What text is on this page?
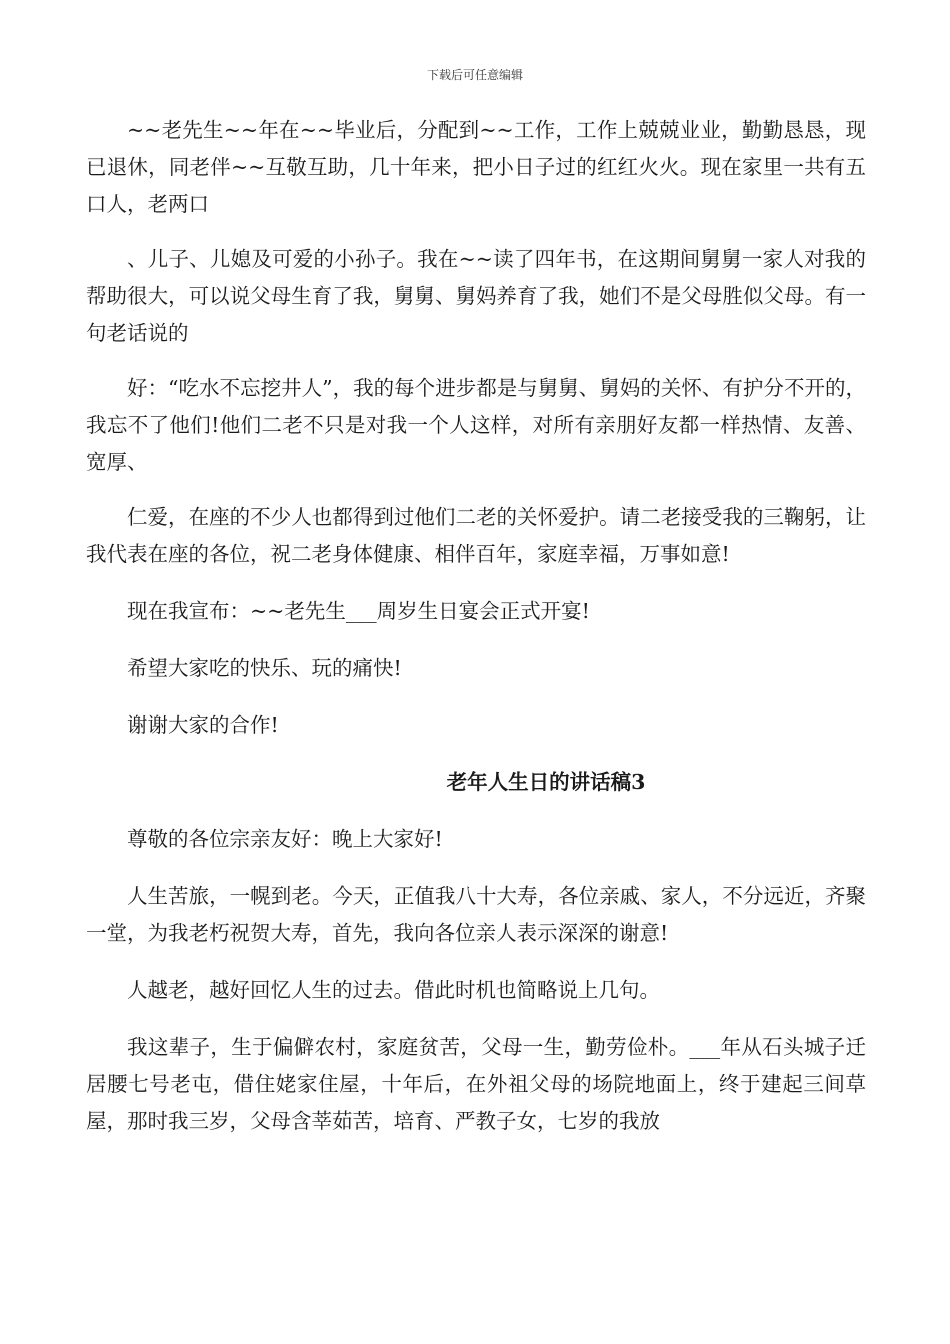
下载后可任意编辑

~~老先生~~年在~~毕业后，分配到~~工作，工作上兢兢业业，勤勤恳恳，现已退休，同老伴~~互敬互助，几十年来，把小日子过的红红火火。现在家里一共有五口人，老两口

、儿子、儿媳及可爱的小孙子。我在~~读了四年书，在这期间舅舅一家人对我的帮助很大，可以说父母生育了我，舅舅、舅妈养育了我，她们不是父母胜似父母。有一句老话说的

好：“吃水不忘挖井人”，我的每个进步都是与舅舅、舅妈的关怀、有护分不开的，我忘不了他们!他们二老不只是对我一个人这样，对所有亲朋好友都一样热情、友善、宽厚、

仁爱，在座的不少人也都得到过他们二老的关怀爱护。请二老接受我的三鞠躬，让我代表在座的各位，祝二老身体健康、相伴百年，家庭幸福，万事如意!

现在我宣布：~~老先生___周岁生日宴会正式开宴!

希望大家吃的快乐、玩的痛快!

谢谢大家的合作!

老年人生日的讲话稿3

尊敬的各位宗亲友好：晚上大家好!

人生苦旅，一幌到老。今天，正值我八十大寿，各位亲戚、家人，不分远近，齐聚一堂，为我老朽祝贺大寿，首先，我向各位亲人表示深深的谢意!

人越老，越好回忆人生的过去。借此时机也简略说上几句。

我这辈子，生于偏僻农村，家庭贫苦，父母一生，勤劳俭朴。___年从石头城子迁居腰七号老屯，借住姥家住屋，十年后，在外祖父母的场院地面上，终于建起三间草屋，那时我三岁，父母含莘茹苦，培育、严教子女，七岁的我放
